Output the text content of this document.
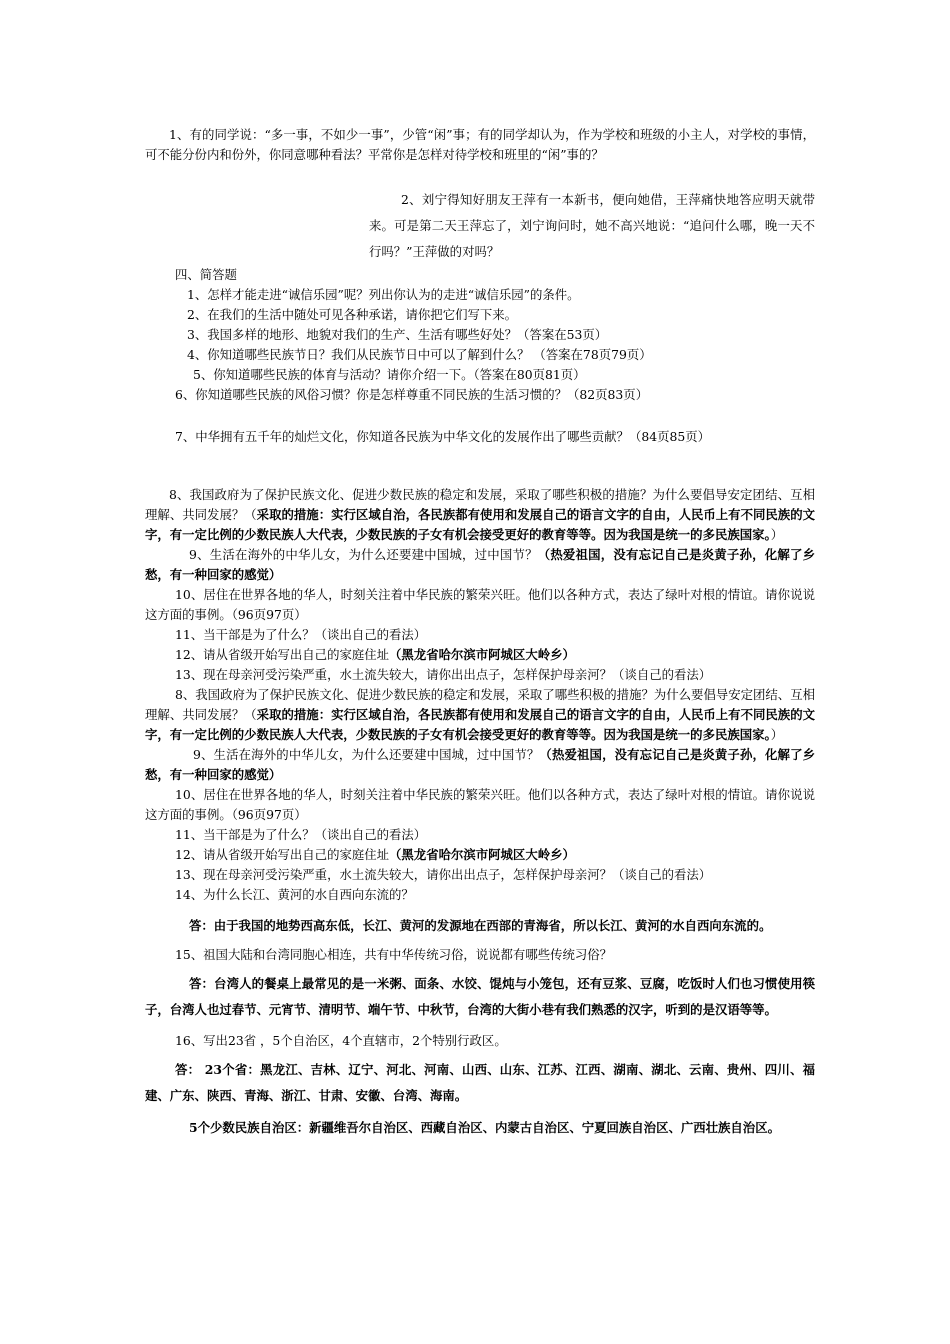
1、有的同学说：“多一事，不如少一事”，少管“闲”事；有的同学却认为，作为学校和班级的小主人，对学校的事情，可不能分份内和份外，你同意哪种看法？平常你是怎样对待学校和班里的“闲”事的？

2、刘宁得知好朋友王萍有一本新书，便向她借，王萍痛快地答应明天就带来。可是第二天王萍忘了，刘宁询问时，她不高兴地说：“追问什么哪，晚一天不行吗？”王萍做的对吗？

四、简答题

1、怎样才能走进“诚信乐园”呢？列出你认为的走进“诚信乐园”的条件。

2、在我们的生活中随处可见各种承诺，请你把它们写下来。

3、我国多样的地形、地貌对我们的生产、生活有哪些好处？（答案在53页）

4、你知道哪些民族节日？我们从民族节日中可以了解到什么？ （答案在78页79页）

5、你知道哪些民族的体育与活动？请你介绍一下。（答案在80页81页）

6、你知道哪些民族的风俗习惯？你是怎样尊重不同民族的生活习惯的？（82页83页）

7、中华拥有五千年的灿烂文化，你知道各民族为中华文化的发展作出了哪些贡献？（84页85页）

8、我国政府为了保护民族文化、促进少数民族的稳定和发展，采取了哪些积极的措施？为什么要倡导安定团结、互相理解、共同发展？（采取的措施：实行区域自治，各民族都有使用和发展自己的语言文字的自由，人民币上有不同民族的文字，有一定比例的少数民族人大代表，少数民族的子女有机会接受更好的教育等等。因为我国是统一的多民族国家。）

9、生活在海外的中华儿女，为什么还要建中国城，过中国节？（热爱祖国，没有忘记自己是炎黄子孙，化解了乡愁，有一种回家的感觉）

10、居住在世界各地的华人，时刻关注着中华民族的繁荣兴旺。他们以各种方式，表达了绿叶对根的情谊。请你说说这方面的事例。（96页97页）

11、当干部是为了什么？（谈出自己的看法）

12、请从省级开始写出自己的家庭住址（黑龙省哈尔滨市阿城区大岭乡）

13、现在母亲河受污染严重，水土流失较大，请你出出点子，怎样保护母亲河？（谈自己的看法）

8、我国政府为了保护民族文化、促进少数民族的稳定和发展，采取了哪些积极的措施？为什么要倡导安定团结、互相理解、共同发展？（采取的措施：实行区域自治，各民族都有使用和发展自己的语言文字的自由，人民币上有不同民族的文字，有一定比例的少数民族人大代表，少数民族的子女有机会接受更好的教育等等。因为我国是统一的多民族国家。）

9、生活在海外的中华儿女，为什么还要建中国城，过中国节？（热爱祖国，没有忘记自己是炎黄子孙，化解了乡愁，有一种回家的感觉）

10、居住在世界各地的华人，时刻关注着中华民族的繁荣兴旺。他们以各种方式，表达了绿叶对根的情谊。请你说说这方面的事例。（96页97页）

11、当干部是为了什么？（谈出自己的看法）

12、请从省级开始写出自己的家庭住址（黑龙省哈尔滨市阿城区大岭乡）

13、现在母亲河受污染严重，水土流失较大，请你出出点子，怎样保护母亲河？（谈自己的看法）

14、为什么长江、黄河的水自西向东流的？

答：由于我国的地势西高东低，长江、黄河的发源地在西部的青海省，所以长江、黄河的水自西向东流的。

15、祖国大陆和台湾同胞心相连，共有中华传统习俗，说说都有哪些传统习俗？

答：台湾人的餐桌上最常见的是一米粥、面条、水饺、馄炖与小笼包，还有豆浆、豆腐，吃饭时人们也习惯使用筷子，台湾人也过春节、元宵节、清明节、端午节、中秋节，台湾的大街小巷有我们熟悉的汉字，听到的是汉语等等。

16、写出23省 ，5个自治区，4个直辖市，2个特别行政区。

答： 23个省：黑龙江、吉林、辽宁、河北、河南、山西、山东、江苏、江西、湖南、湖北、云南、贵州、四川、福建、广东、陕西、青海、浙江、甘肃、安徽、台湾、海南。

5个少数民族自治区：新疆维吾尔自治区、西藏自治区、内蒙古自治区、宁夏回族自治区、广西壮族自治区。
